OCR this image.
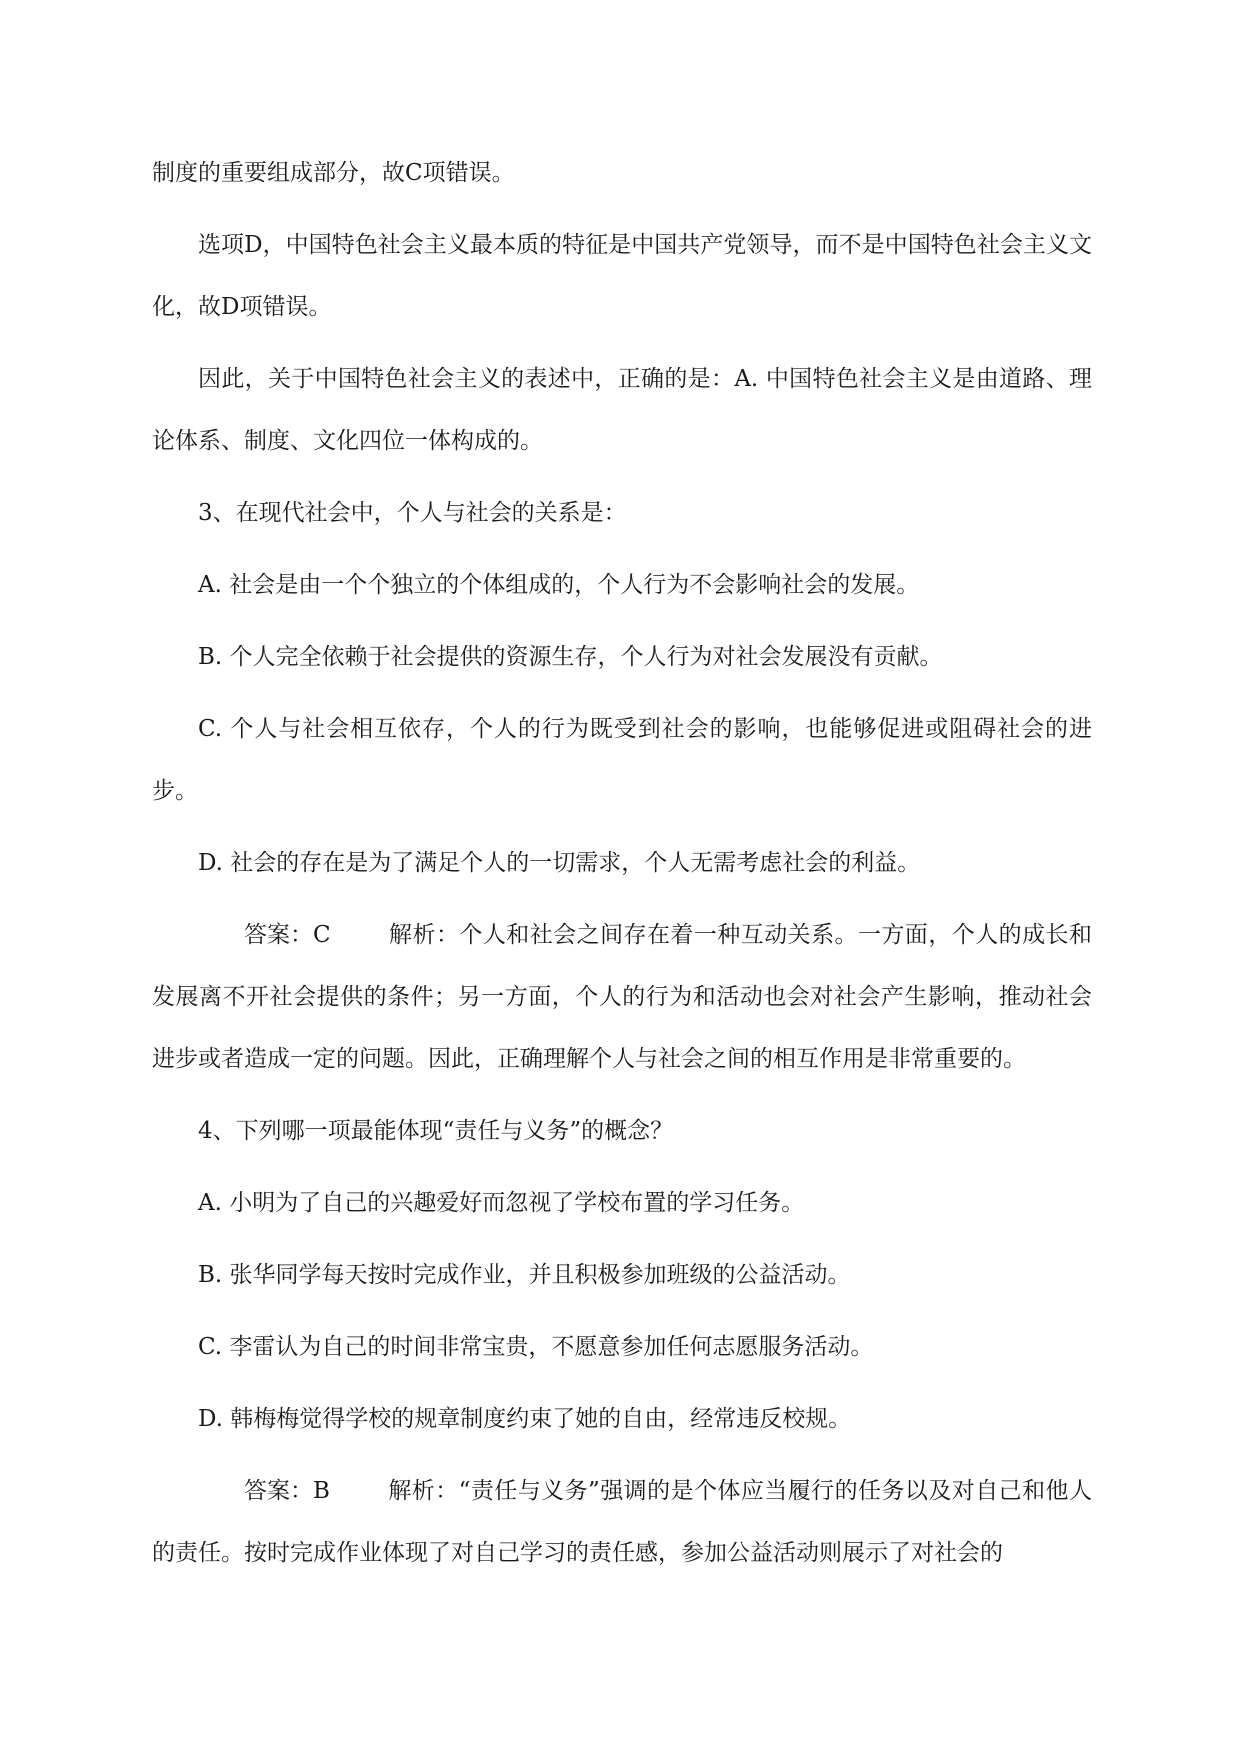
制度的重要组成部分，故C项错误。

选项D，中国特色社会主义最本质的特征是中国共产党领导，而不是中国特色社会主义文化，故D项错误。

因此，关于中国特色社会主义的表述中，正确的是：A. 中国特色社会主义是由道路、理论体系、制度、文化四位一体构成的。

3、在现代社会中，个人与社会的关系是：

A. 社会是由一个个独立的个体组成的，个人行为不会影响社会的发展。

B. 个人完全依赖于社会提供的资源生存，个人行为对社会发展没有贡献。

C. 个人与社会相互依存，个人的行为既受到社会的影响，也能够促进或阻碍社会的进步。

D. 社会的存在是为了满足个人的一切需求，个人无需考虑社会的利益。

答案：C	解析：个人和社会之间存在着一种互动关系。一方面，个人的成长和发展离不开社会提供的条件；另一方面，个人的行为和活动也会对社会产生影响，推动社会进步或者造成一定的问题。因此，正确理解个人与社会之间的相互作用是非常重要的。

4、下列哪一项最能体现“责任与义务”的概念？

A. 小明为了自己的兴趣爱好而忽视了学校布置的学习任务。

B. 张华同学每天按时完成作业，并且积极参加班级的公益活动。

C. 李雷认为自己的时间非常宝贵，不愿意参加任何志愿服务活动。

D. 韩梅梅觉得学校的规章制度约束了她的自由，经常违反校规。

答案：B	解析：“责任与义务”强调的是个体应当履行的任务以及对自己和他人的责任。按时完成作业体现了对自己学习的责任感，参加公益活动则展示了对社会的
